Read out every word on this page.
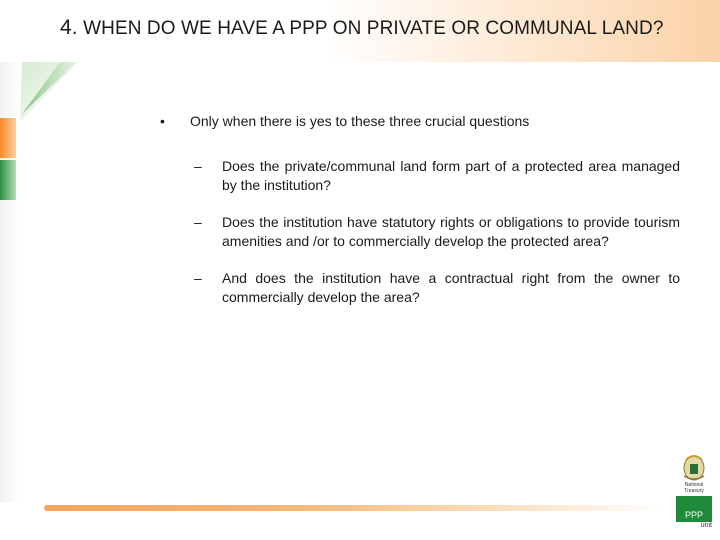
4. WHEN DO WE HAVE A PPP ON PRIVATE OR COMMUNAL LAND?
• Only when there is yes to these three crucial questions
– Does the private/communal land form part of a protected area managed by the institution?
– Does the institution have statutory rights or obligations to provide tourism amenities and /or to commercially develop the protected area?
– And does the institution have a contractual right from the owner to commercially develop the area?
National
Treasury
PPP
unit
